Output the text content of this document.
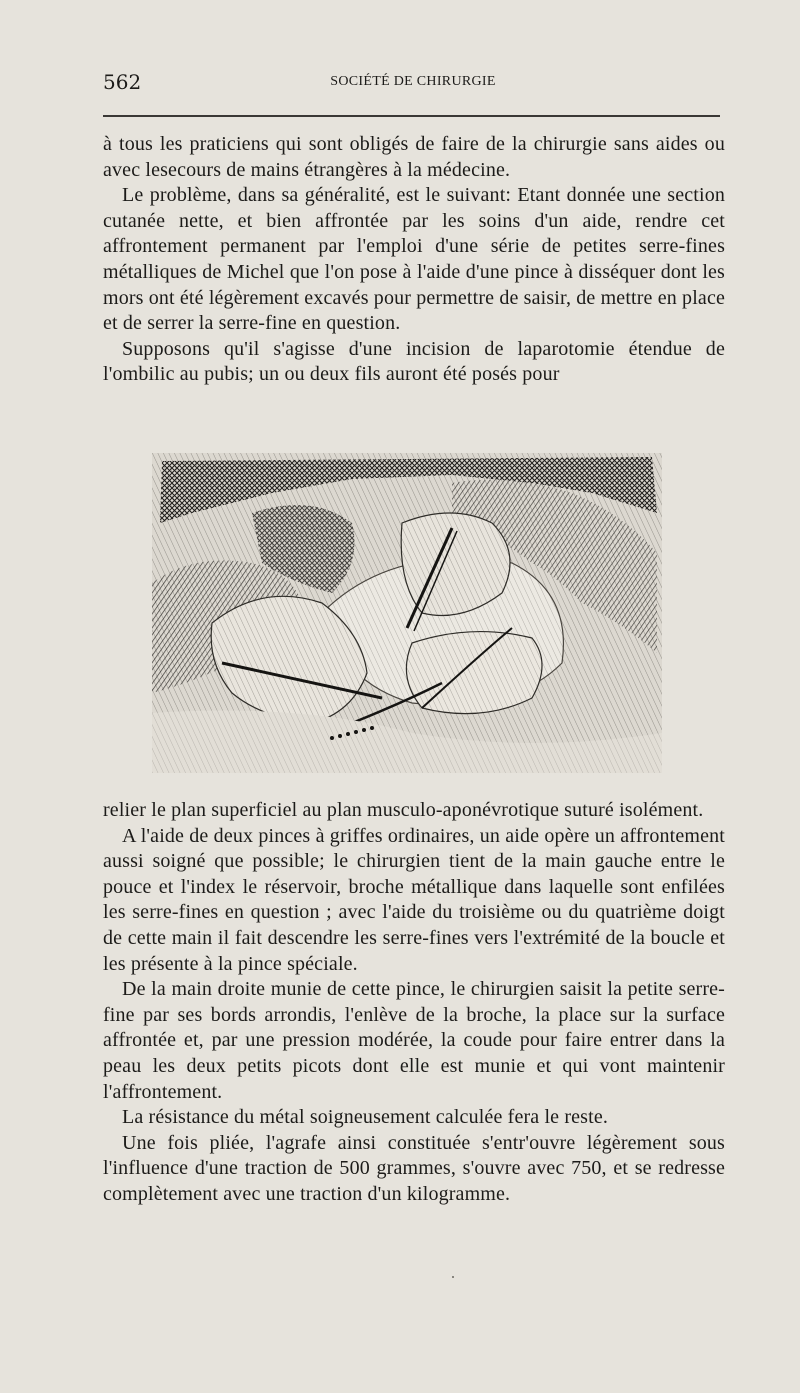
562	SOCIÉTÉ DE CHIRURGIE

à tous les praticiens qui sont obligés de faire de la chirurgie sans aides ou avec lesecours de mains étrangères à la médecine.

Le problème, dans sa généralité, est le suivant: Etant donnée une section cutanée nette, et bien affrontée par les soins d'un aide, rendre cet affrontement permanent par l'emploi d'une série de petites serre-fines métalliques de Michel que l'on pose à l'aide d'une pince à disséquer dont les mors ont été légèrement excavés pour permettre de saisir, de mettre en place et de serrer la serre-fine en question.

Supposons qu'il s'agisse d'une incision de laparotomie étendue de l'ombilic au pubis; un ou deux fils auront été posés pour

relier le plan superficiel au plan musculo-aponévrotique suturé isolément.

A l'aide de deux pinces à griffes ordinaires, un aide opère un affrontement aussi soigné que possible; le chirurgien tient de la main gauche entre le pouce et l'index le réservoir, broche métallique dans laquelle sont enfilées les serre-fines en question ; avec l'aide du troisième ou du quatrième doigt de cette main il fait descendre les serre-fines vers l'extrémité de la boucle et les présente à la pince spéciale.

De la main droite munie de cette pince, le chirurgien saisit la petite serre-fine par ses bords arrondis, l'enlève de la broche, la place sur la surface affrontée et, par une pression modérée, la coude pour faire entrer dans la peau les deux petits picots dont elle est munie et qui vont maintenir l'affrontement.

La résistance du métal soigneusement calculée fera le reste.

Une fois pliée, l'agrafe ainsi constituée s'entr'ouvre légèrement sous l'influence d'une traction de 500 grammes, s'ouvre avec 750, et se redresse complètement avec une traction d'un kilogramme.
